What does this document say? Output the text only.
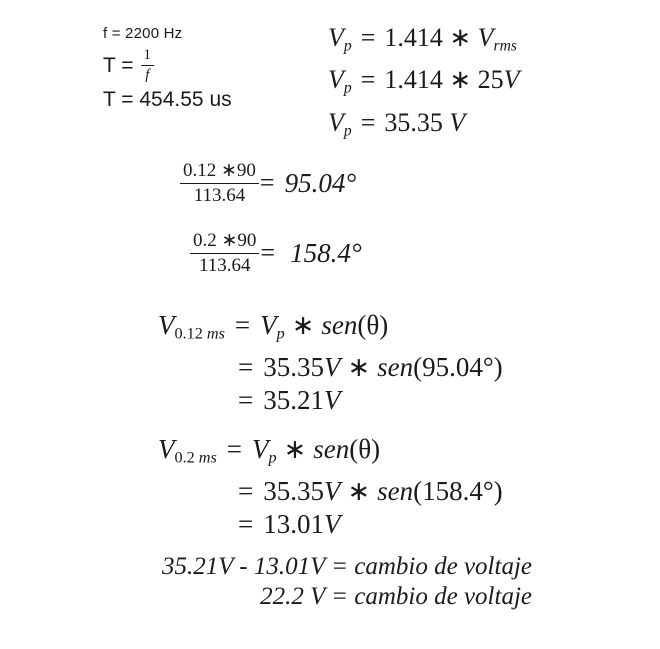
f = 2200 Hz
$T = \frac{1}{f}$
T = 454.55 us
$V_p = 1.414$ ∗ $V_{rms}$
$V_p = 1.414$ ∗ 25V
$V_p = 35.35$ V
$\frac{0.12 ∗90}{113.64} = 95.04^\circ$
$\frac{0.2 ∗90}{113.64} = 158.4^\circ$
$V_{0.12 ms} = V_p$ ∗ sen(θ)
= 35.35V ∗ sen(95.04°)
= 35.21V
$V_{0.2 ms} = V_p$ ∗ sen(θ)
= 35.35V ∗ sen(158.4°)
= 13.01V
35.21V - 13.01V = cambio de voltaje
22.2 V = cambio de voltaje
